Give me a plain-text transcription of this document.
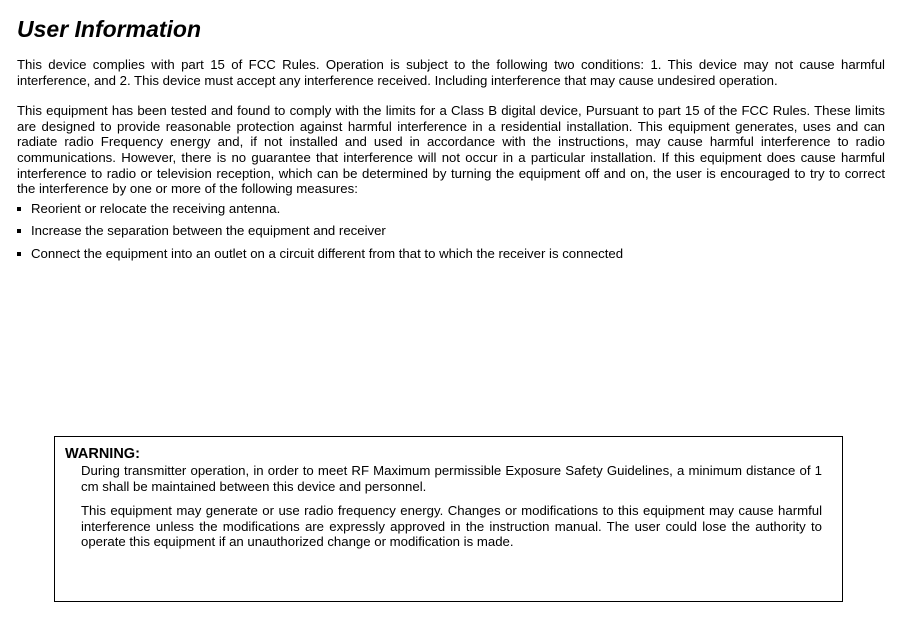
User Information

This device complies with part 15 of FCC Rules. Operation is subject to the following two conditions: 1. This device may not cause harmful interference, and 2. This device must accept any interference received. Including interference that may cause undesired operation.

This equipment has been tested and found to comply with the limits for a Class B digital device, Pursuant to part 15 of the FCC Rules. These limits are designed to provide reasonable protection against harmful interference in a residential installation. This equipment generates, uses and can radiate radio Frequency energy and, if not installed and used in accordance with the instructions, may cause harmful interference to radio communications. However, there is no guarantee that interference will not occur in a particular installation. If this equipment does cause harmful interference to radio or television reception, which can be determined by turning the equipment off and on, the user is encouraged to try to correct the interference by one or more of the following measures:

Reorient or relocate the receiving antenna.
Increase the separation between the equipment and receiver
Connect the equipment into an outlet on a circuit different from that to which the receiver is connected

WARNING:

During transmitter operation, in order to meet RF Maximum permissible Exposure Safety Guidelines, a minimum distance of 1 cm shall be maintained between this device and personnel.

This equipment may generate or use radio frequency energy. Changes or modifications to this equipment may cause harmful interference unless the modifications are expressly approved in the instruction manual. The user could lose the authority to operate this equipment if an unauthorized change or modification is made.
